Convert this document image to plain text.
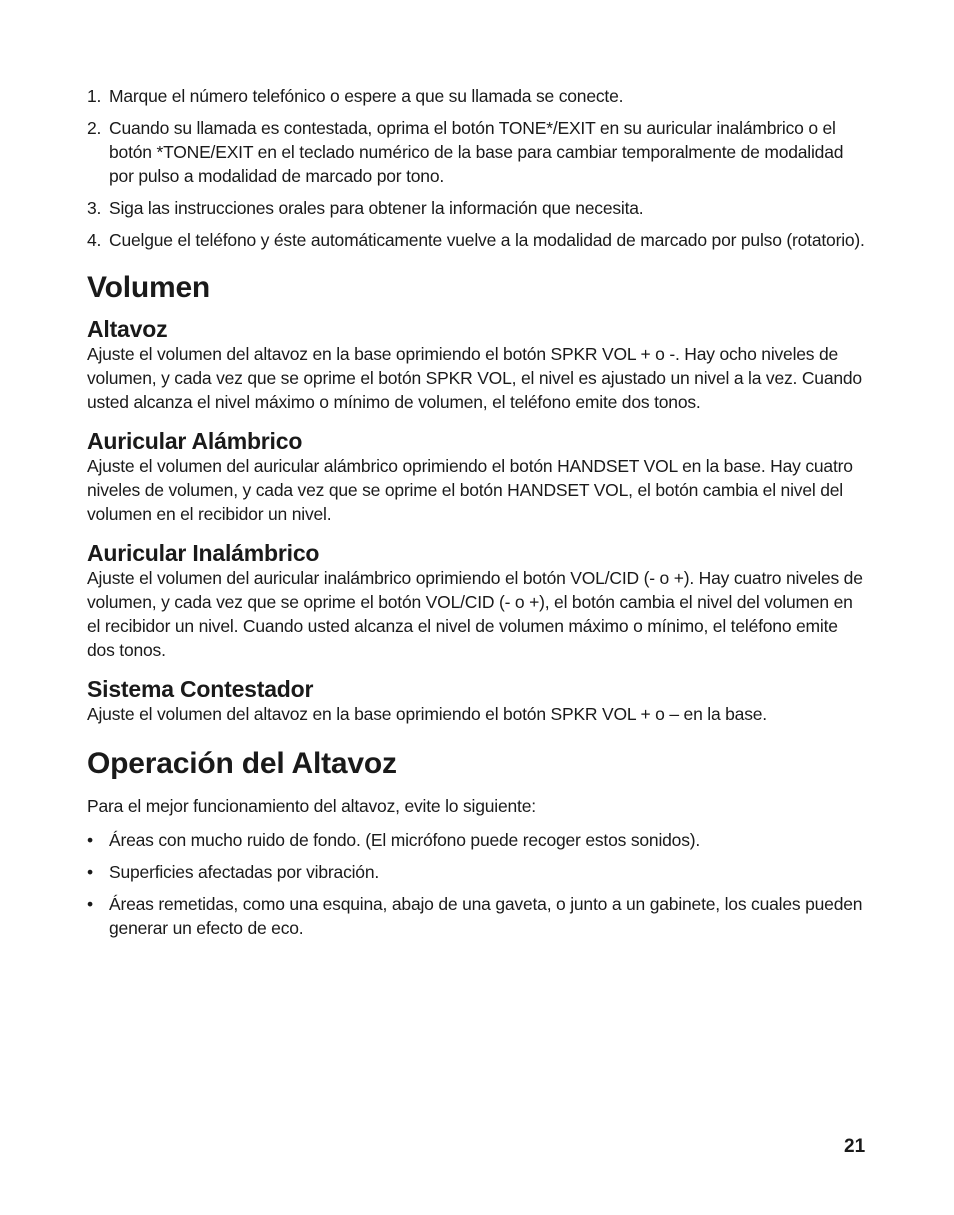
1. Marque el número telefónico o espere a que su llamada se conecte.
2. Cuando su llamada es contestada, oprima el botón TONE*/EXIT en su auricular inalámbrico o el botón *TONE/EXIT en el teclado numérico de la base para cambiar temporalmente de modalidad por pulso a modalidad de marcado por tono.
3. Siga las instrucciones orales para obtener la información que necesita.
4. Cuelgue el teléfono y éste automáticamente vuelve a la modalidad de marcado por pulso (rotatorio).
Volumen
Altavoz

Ajuste el volumen del altavoz en la base oprimiendo el botón SPKR VOL + o -. Hay ocho niveles de volumen, y cada vez que se oprime el botón SPKR VOL, el nivel es ajustado un nivel a la vez. Cuando usted alcanza el nivel máximo o mínimo de volumen, el teléfono emite dos tonos.

Auricular Alámbrico

Ajuste el volumen del auricular alámbrico oprimiendo el botón HANDSET VOL en la base. Hay cuatro niveles de volumen, y cada vez que se oprime el botón HANDSET VOL, el botón cambia el nivel del volumen en el recibidor un nivel.

Auricular Inalámbrico

Ajuste el volumen del auricular inalámbrico oprimiendo el botón VOL/CID (- o +). Hay cuatro niveles de volumen, y cada vez que se oprime el botón VOL/CID (- o +), el botón cambia el nivel del volumen en el recibidor un nivel. Cuando usted alcanza el nivel de volumen máximo o mínimo, el teléfono emite dos tonos.

Sistema Contestador

Ajuste el volumen del altavoz en la base oprimiendo el botón SPKR VOL + o – en la base.

Operación del Altavoz

Para el mejor funcionamiento del altavoz, evite lo siguiente:

• Áreas con mucho ruido de fondo. (El micrófono puede recoger estos sonidos).
• Superficies afectadas por vibración.
• Áreas remetidas, como una esquina, abajo de una gaveta, o junto a un gabinete, los cuales pueden generar un efecto de eco.
21
